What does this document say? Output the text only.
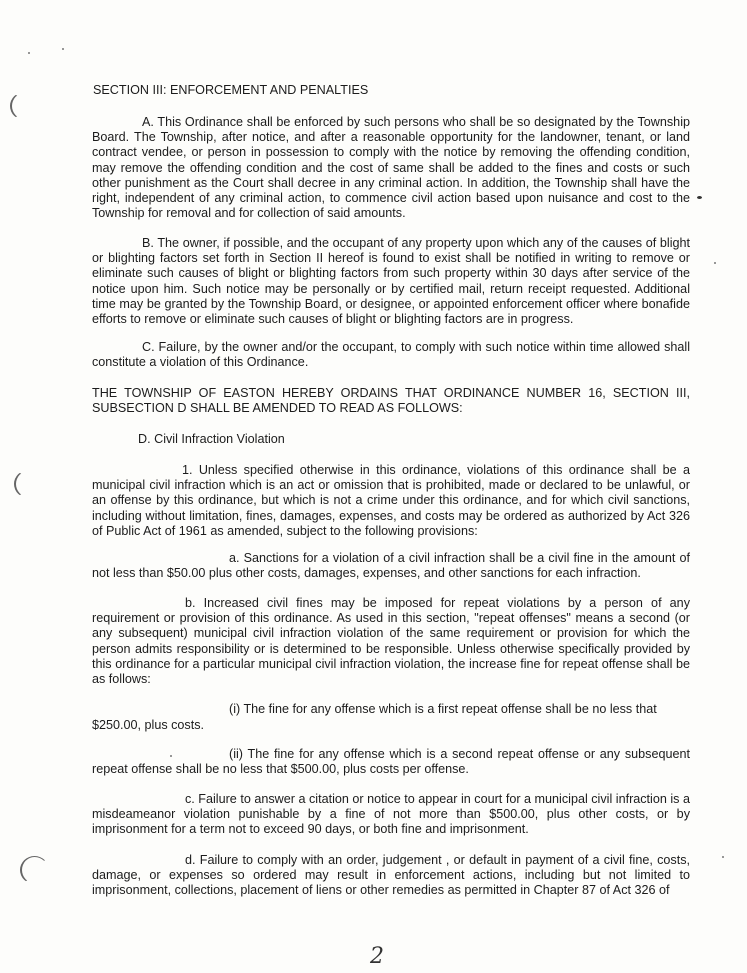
SECTION III: ENFORCEMENT AND PENALTIES
A. This Ordinance shall be enforced by such persons who shall be so designated by the Township Board. The Township, after notice, and after a reasonable opportunity for the landowner, tenant, or land contract vendee, or person in possession to comply with the notice by removing the offending condition, may remove the offending condition and the cost of same shall be added to the fines and costs or such other punishment as the Court shall decree in any criminal action. In addition, the Township shall have the right, independent of any criminal action, to commence civil action based upon nuisance and cost to the Township for removal and for collection of said amounts.
B. The owner, if possible, and the occupant of any property upon which any of the causes of blight or blighting factors set forth in Section II hereof is found to exist shall be notified in writing to remove or eliminate such causes of blight or blighting factors from such property within 30 days after service of the notice upon him. Such notice may be personally or by certified mail, return receipt requested. Additional time may be granted by the Township Board, or designee, or appointed enforcement officer where bonafide efforts to remove or eliminate such causes of blight or blighting factors are in progress.
C. Failure, by the owner and/or the occupant, to comply with such notice within time allowed shall constitute a violation of this Ordinance.
THE TOWNSHIP OF EASTON HEREBY ORDAINS THAT ORDINANCE NUMBER 16, SECTION III, SUBSECTION D SHALL BE AMENDED TO READ AS FOLLOWS:
D. Civil Infraction Violation
1. Unless specified otherwise in this ordinance, violations of this ordinance shall be a municipal civil infraction which is an act or omission that is prohibited, made or declared to be unlawful, or an offense by this ordinance, but which is not a crime under this ordinance, and for which civil sanctions, including without limitation, fines, damages, expenses, and costs may be ordered as authorized by Act 326 of Public Act of 1961 as amended, subject to the following provisions:
a. Sanctions for a violation of a civil infraction shall be a civil fine in the amount of not less than $50.00 plus other costs, damages, expenses, and other sanctions for each infraction.
b. Increased civil fines may be imposed for repeat violations by a person of any requirement or provision of this ordinance. As used in this section, "repeat offenses" means a second (or any subsequent) municipal civil infraction violation of the same requirement or provision for which the person admits responsibility or is determined to be responsible. Unless otherwise specifically provided by this ordinance for a particular municipal civil infraction violation, the increase fine for repeat offense shall be as follows:
(i) The fine for any offense which is a first repeat offense shall be no less that
$250.00, plus costs.
(ii) The fine for any offense which is a second repeat offense or any subsequent repeat offense shall be no less that $500.00, plus costs per offense.
c. Failure to answer a citation or notice to appear in court for a municipal civil infraction is a misdeameanor violation punishable by a fine of not more than $500.00, plus other costs, or by imprisonment for a term not to exceed 90 days, or both fine and imprisonment.
d. Failure to comply with an order, judgement , or default in payment of a civil fine, costs, damage, or expenses so ordered may result in enforcement actions, including but not limited to imprisonment, collections, placement of liens or other remedies as permitted in Chapter 87 of Act 326 of
2
